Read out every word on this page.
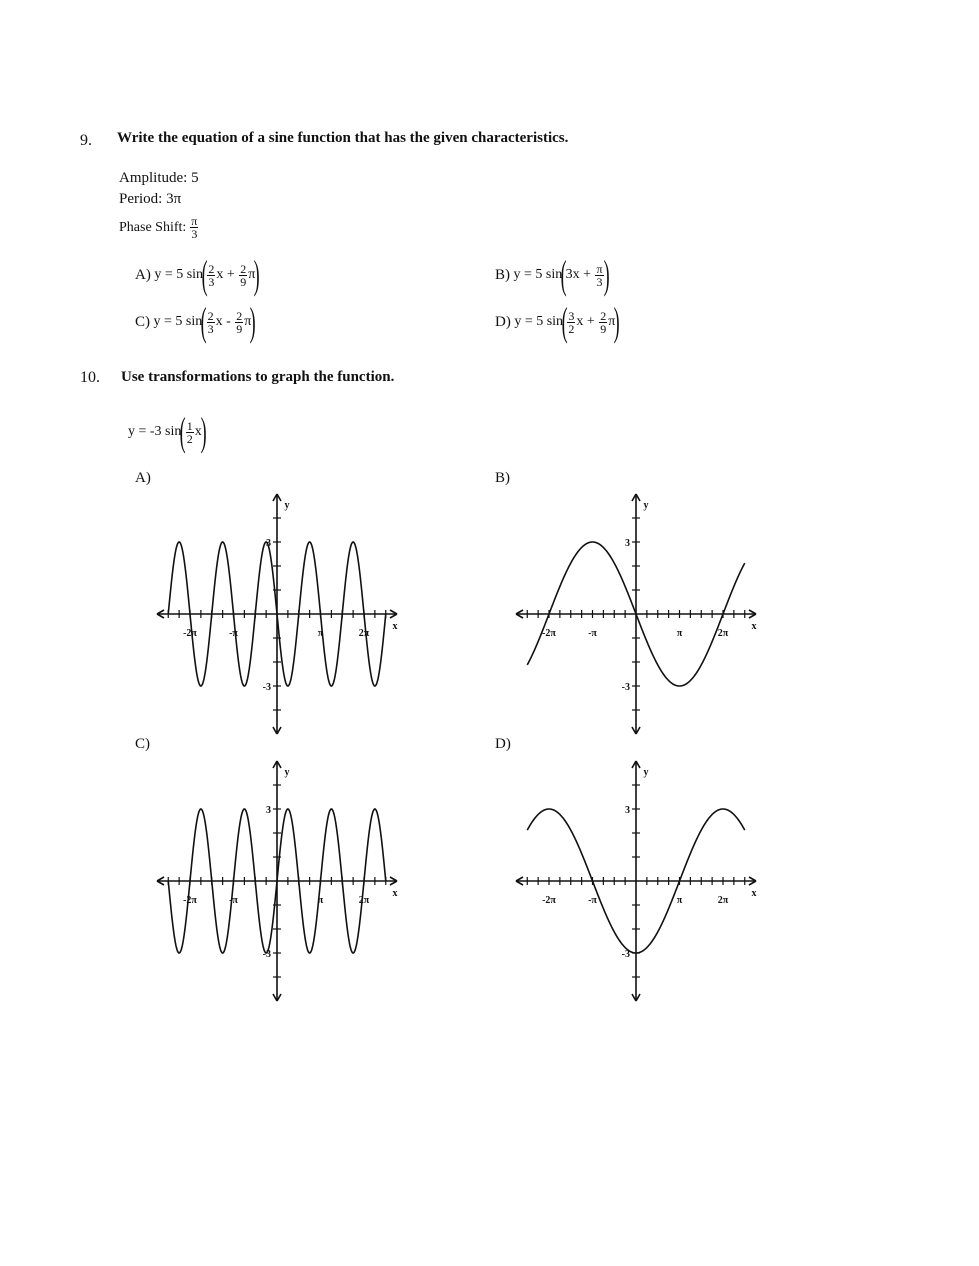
9. Write the equation of a sine function that has the given characteristics.
Amplitude: 5
Period: 3π
Phase Shift: $\frac{\pi}{3}$
A)
y = 5 sin
( $\frac{2}{3}$ x +
$\frac{2}{9}$ π
)	B)
y = 5 sin
(
3x +
$\frac{\pi}{3}$ )
C)
y = 5 sin
( $\frac{2}{3}$ x -
$\frac{2}{9}$ π
)	D)
y = 5 sin
( $\frac{3}{2}$ x +
$\frac{2}{9}$ π
)
10. Use transformations to graph the function.
y = -3 sin
( $\frac{1}{2}$ x
)
A)	B)
C)	D)
-2π	-π	π	2π
3
-3
x
y
-2π	-π	π	2π
3
-3
x
y
-2π	-π	π	2π
3
-3
x
y
-2π	-π	π	2π
3
-3
x
y
